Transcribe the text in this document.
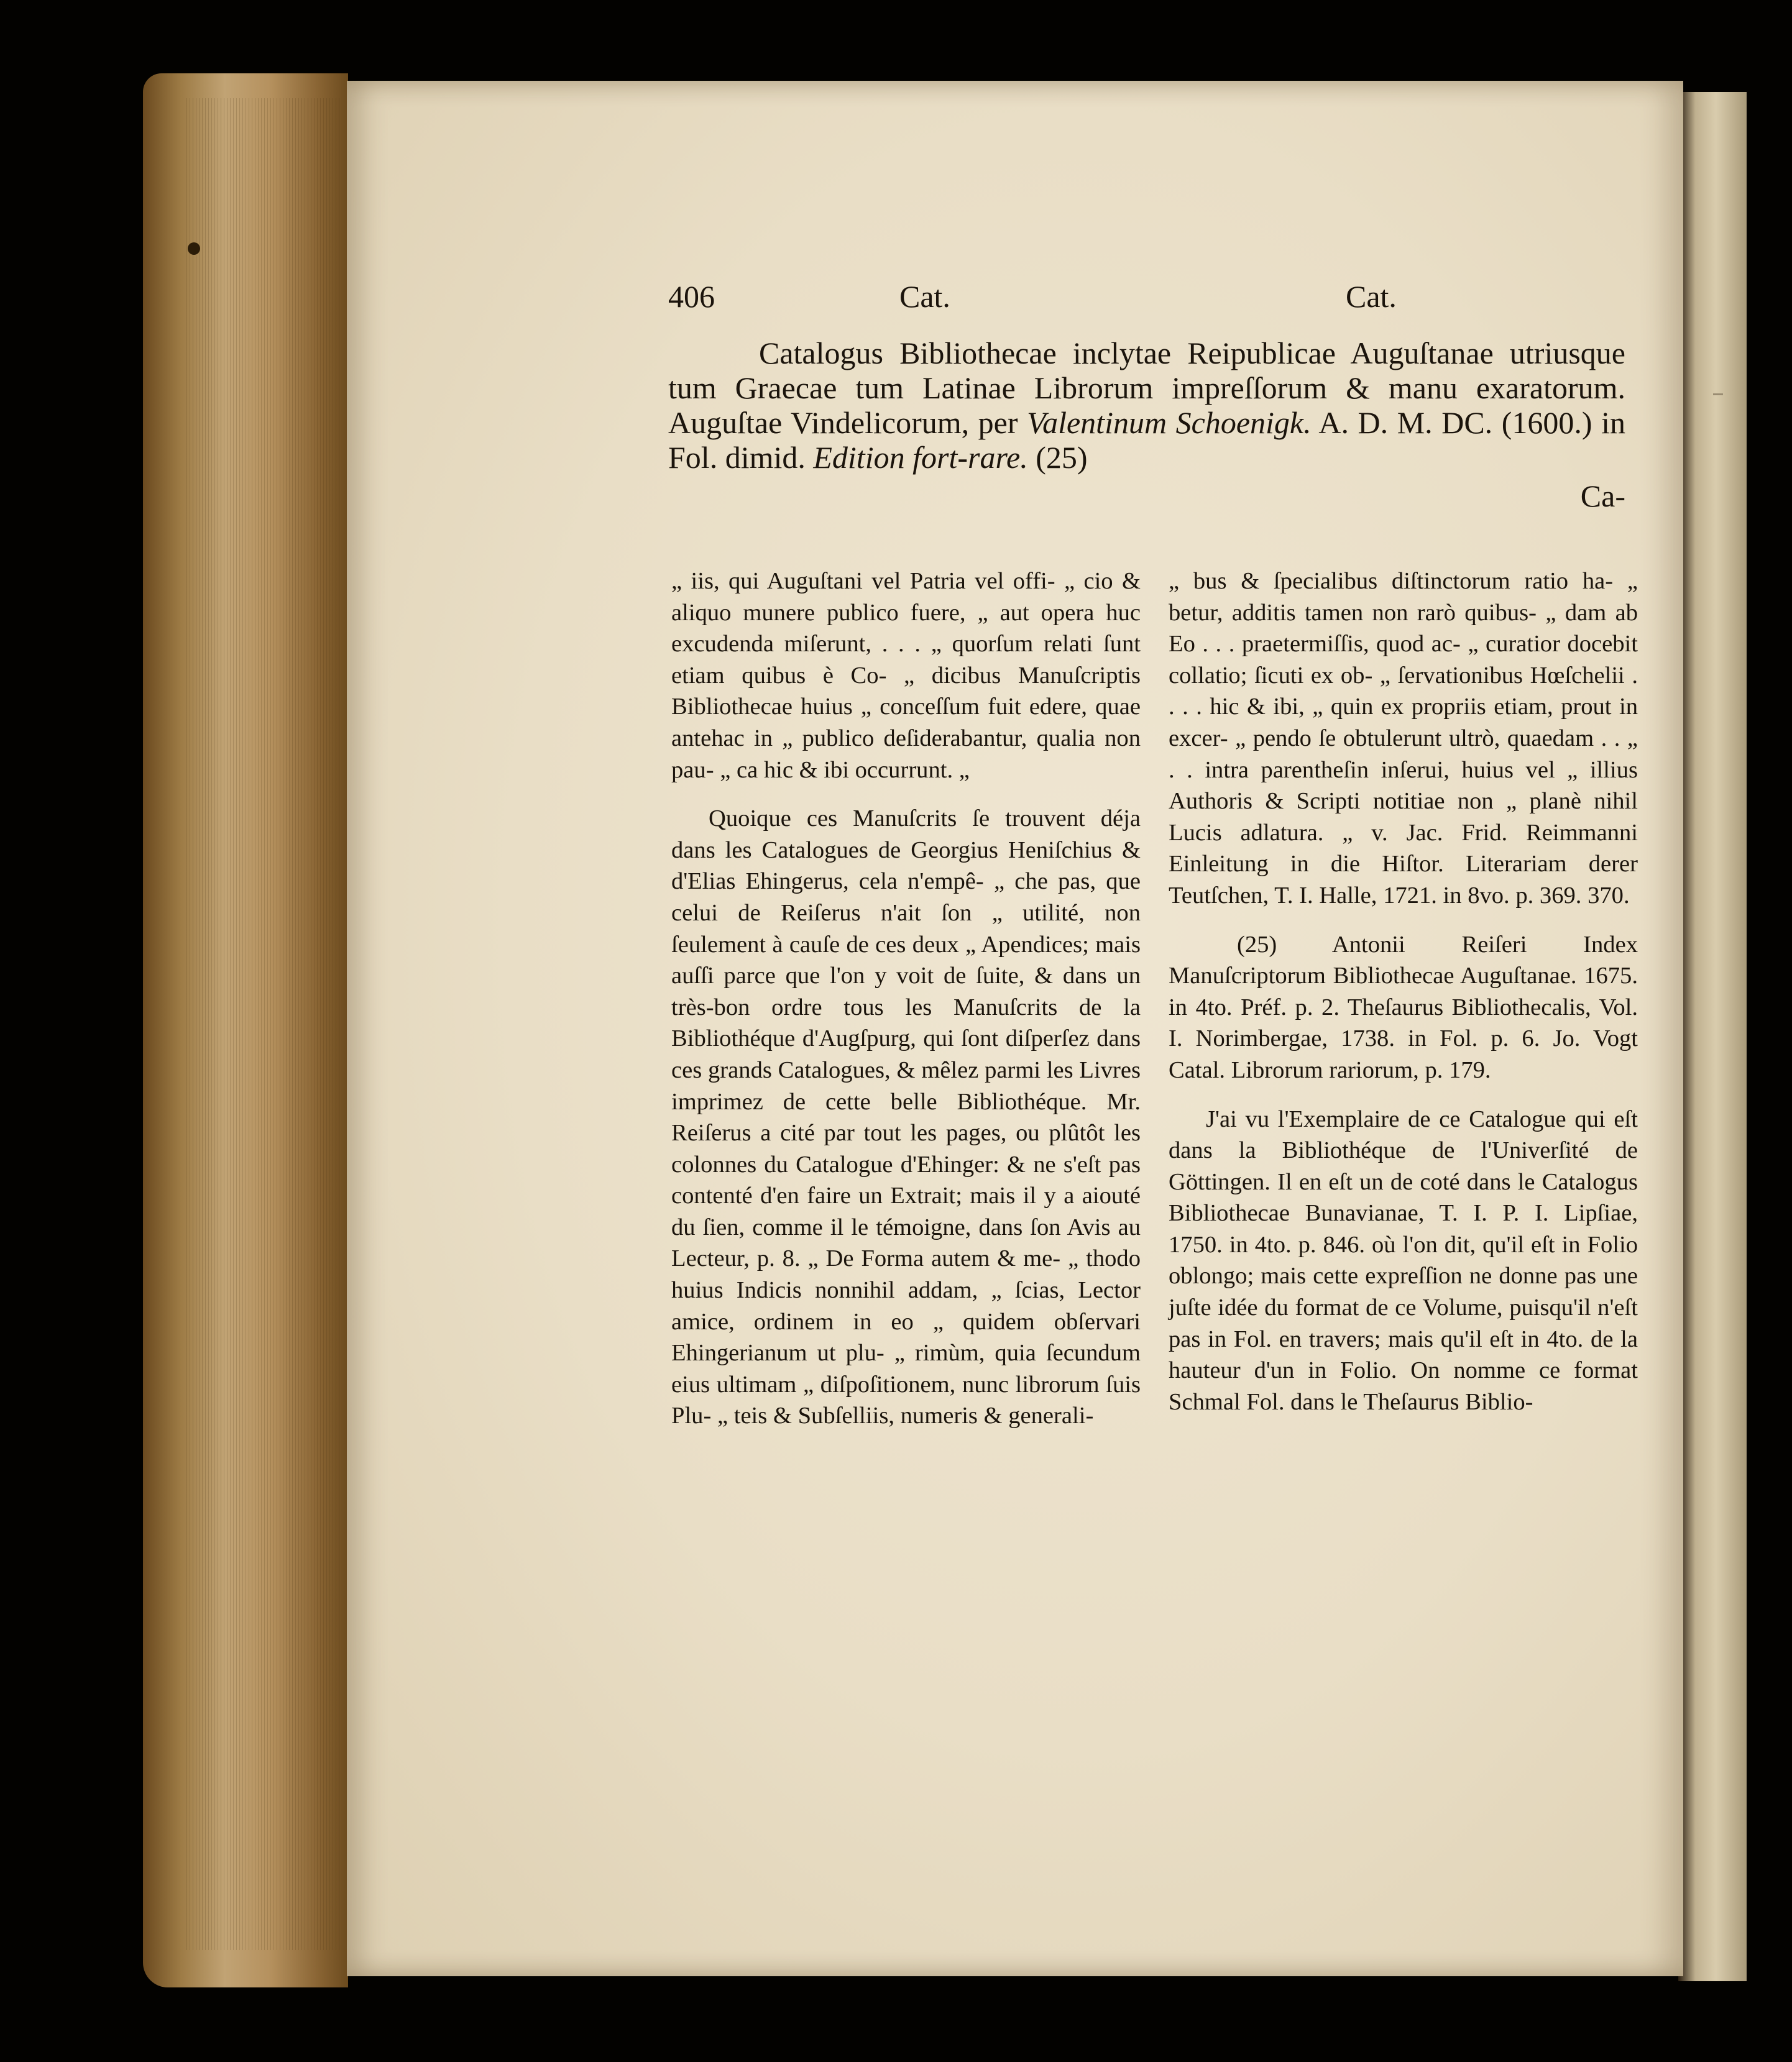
406	Cat.	Cat.
Catalogus Bibliothecae inclytae Reipublicae Auguſtanae utriusque tum Graecae tum Latinae Librorum impreſſorum & manu exaratorum. Auguſtae Vindelicorum, per Valentinum Schoenigk. A. D. M. DC. (1600.) in Fol. dimid. Edition fort-rare. (25)
Ca-

„ iis, qui Auguſtani vel Patria vel offi- „ cio & aliquo munere publico fuere, „ aut opera huc excudenda miſerunt, . . . „ quorſum relati ſunt etiam quibus è Co- „ dicibus Manuſcriptis Bibliothecae huius „ conceſſum fuit edere, quae antehac in „ publico deſiderabantur, qualia non pau- „ ca hic & ibi occurrunt. „

Quoique ces Manuſcrits ſe trouvent déja dans les Catalogues de Georgius Heniſchius & d'Elias Ehingerus, cela n'empê- „ che pas, que celui de Reiſerus n'ait ſon „ utilité, non ſeulement à cauſe de ces deux „ Apendices; mais auſſi parce que l'on y voit de ſuite, & dans un très-bon ordre tous les Manuſcrits de la Bibliothéque d'Augſpurg, qui ſont diſperſez dans ces grands Catalogues, & mêlez parmi les Livres imprimez de cette belle Bibliothéque. Mr. Reiſerus a cité par tout les pages, ou plûtôt les colonnes du Catalogue d'Ehinger: & ne s'eſt pas contenté d'en faire un Extrait; mais il y a aiouté du ſien, comme il le témoigne, dans ſon Avis au Lecteur, p. 8. „ De Forma autem & me- „ thodo huius Indicis nonnihil addam, „ ſcias, Lector amice, ordinem in eo „ quidem obſervari Ehingerianum ut plu- „ rimùm, quia ſecundum eius ultimam „ diſpoſitionem, nunc librorum ſuis Plu- „ teis & Subſelliis, numeris & generali-

„ bus & ſpecialibus diſtinctorum ratio ha- „ betur, additis tamen non rarò quibus- „ dam ab Eo . . . praetermiſſis, quod ac- „ curatior docebit collatio; ſicuti ex ob- „ ſervationibus Hœſchelii . . . . hic & ibi, „ quin ex propriis etiam, prout in excer- „ pendo ſe obtulerunt ultrò, quaedam . . „ . . intra parentheſin inſerui, huius vel „ illius Authoris & Scripti notitiae non „ planè nihil Lucis adlatura. „ v. Jac. Frid. Reimmanni Einleitung in die Hiſtor. Literariam derer Teutſchen, T. I. Halle, 1721. in 8vo. p. 369. 370.

(25) Antonii Reiſeri Index Manuſcriptorum Bibliothecae Auguſtanae. 1675. in 4to. Préf. p. 2. Theſaurus Bibliothecalis, Vol. I. Norimbergae, 1738. in Fol. p. 6. Jo. Vogt Catal. Librorum rariorum, p. 179.

J'ai vu l'Exemplaire de ce Catalogue qui eſt dans la Bibliothéque de l'Univerſité de Göttingen. Il en eſt un de coté dans le Catalogus Bibliothecae Bunavianae, T. I. P. I. Lipſiae, 1750. in 4to. p. 846. où l'on dit, qu'il eſt in Folio oblongo; mais cette expreſſion ne donne pas une juſte idée du format de ce Volume, puisqu'il n'eſt pas in Fol. en travers; mais qu'il eſt in 4to. de la hauteur d'un in Folio. On nomme ce format Schmal Fol. dans le Theſaurus Biblio-
